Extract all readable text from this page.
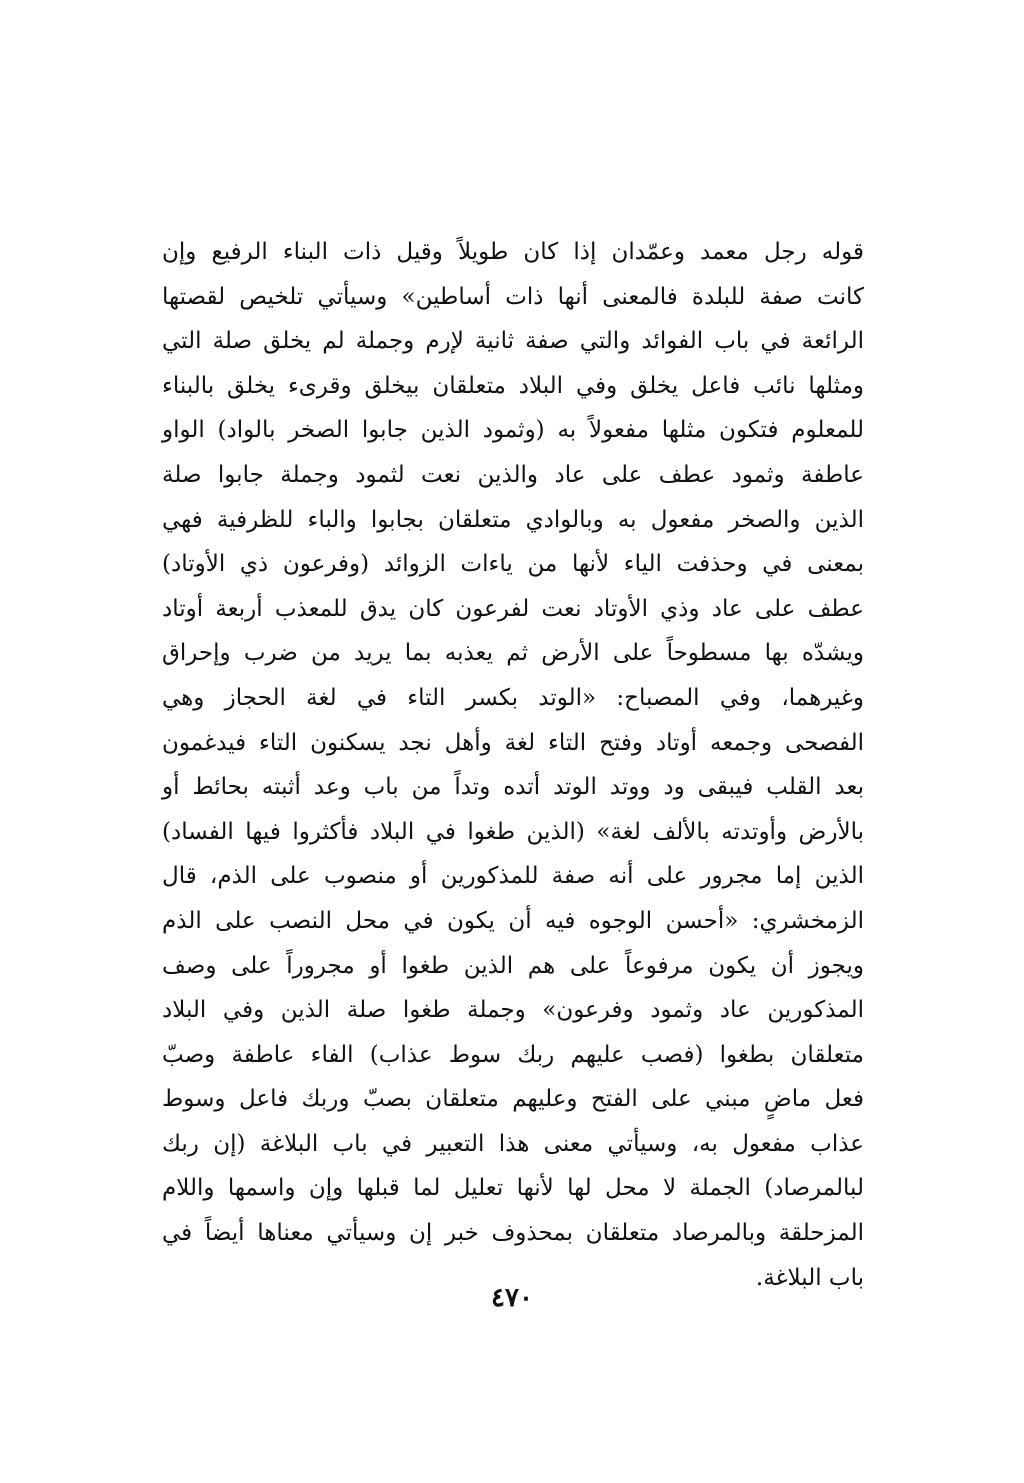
قوله رجل معمد وعمّدان إذا كان طويلاً وقيل ذات البناء الرفيع وإن
كانت صفة للبلدة فالمعنى أنها ذات أساطين» وسيأتي تلخيص لقصتها
الرائعة في باب الفوائد والتي صفة ثانية لإرم وجملة لم يخلق صلة التي
ومثلها نائب فاعل يخلق وفي البلاد متعلقان بيخلق وقرىء يخلق بالبناء
للمعلوم فتكون مثلها مفعولاً به (وثمود الذين جابوا الصخر بالواد) الواو
عاطفة وثمود عطف على عاد والذين نعت لثمود وجملة جابوا صلة
الذين والصخر مفعول به وبالوادي متعلقان بجابوا والباء للظرفية فهي
بمعنى في وحذفت الياء لأنها من ياءات الزوائد (وفرعون ذي الأوتاد)
عطف على عاد وذي الأوتاد نعت لفرعون كان يدق للمعذب أربعة أوتاد
ويشدّه بها مسطوحاً على الأرض ثم يعذبه بما يريد من ضرب وإحراق
وغيرهما، وفي المصباح: «الوتد بكسر التاء في لغة الحجاز وهي
الفصحى وجمعه أوتاد وفتح التاء لغة وأهل نجد يسكنون التاء فيدغمون
بعد القلب فيبقى ود ووتد الوتد أتده وتداً من باب وعد أثبته بحائط أو
بالأرض وأوتدته بالألف لغة» (الذين طغوا في البلاد فأكثروا فيها الفساد)
الذين إما مجرور على أنه صفة للمذكورين أو منصوب على الذم، قال
الزمخشري: «أحسن الوجوه فيه أن يكون في محل النصب على الذم
ويجوز أن يكون مرفوعاً على هم الذين طغوا أو مجروراً على وصف
المذكورين عاد وثمود وفرعون» وجملة طغوا صلة الذين وفي البلاد
متعلقان بطغوا (فصب عليهم ربك سوط عذاب) الفاء عاطفة وصبّ
فعل ماضٍ مبني على الفتح وعليهم متعلقان بصبّ وربك فاعل وسوط
عذاب مفعول به، وسيأتي معنى هذا التعبير في باب البلاغة (إن ربك
لبالمرصاد) الجملة لا محل لها لأنها تعليل لما قبلها وإن واسمها واللام
المزحلقة وبالمرصاد متعلقان بمحذوف خبر إن وسيأتي معناها أيضاً في
باب البلاغة.
٤٧٠
